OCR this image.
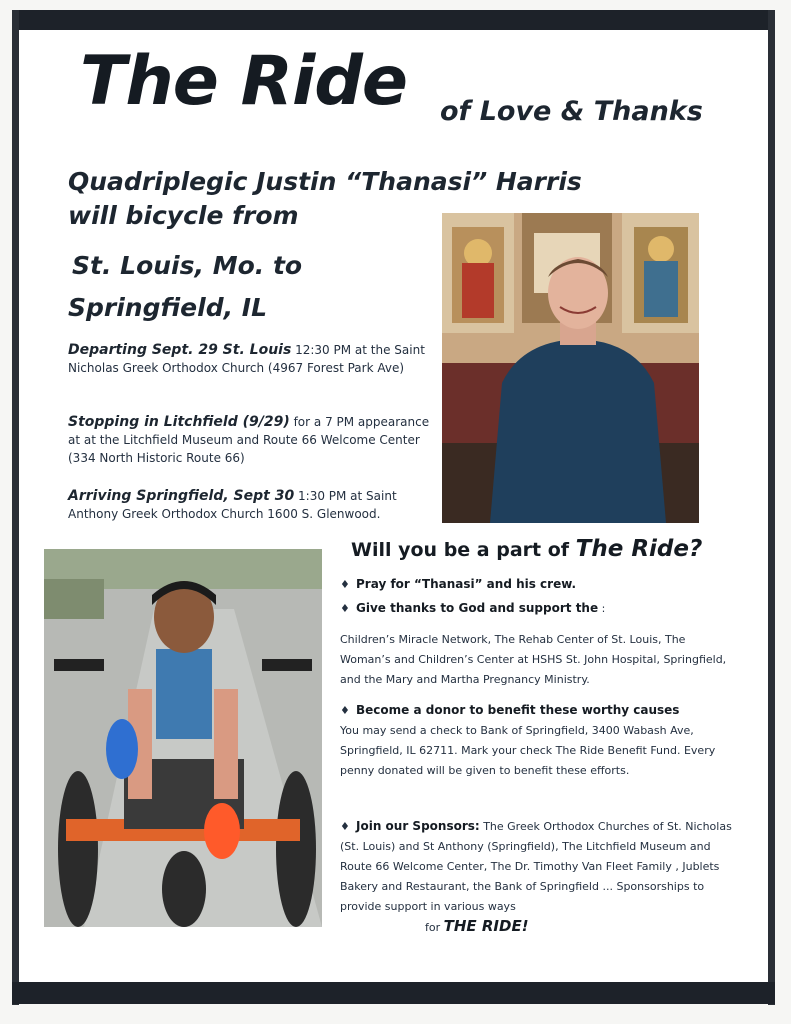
The Ride of Love & Thanks
Quadriplegic Justin “Thanasi” Harris
will bicycle from
St. Louis, Mo. to
Springfield, IL

Departing Sept. 29 St. Louis 12:30 PM at the Saint Nicholas Greek Orthodox Church (4967 Forest Park Ave)

Stopping in Litchfield (9/29) for a 7 PM appearance at at the Litchfield Museum and Route 66 Welcome Center (334 North Historic Route 66)

Arriving Springfield, Sept 30 1:30 PM at Saint Anthony Greek Orthodox Church 1600 S. Glenwood.

Will you be a part of The Ride?

♦ Pray for “Thanasi” and his crew.

♦ Give thanks to God and support the :

Children’s Miracle Network, The Rehab Center of St. Louis, The Woman’s and Children’s Center at HSHS St. John Hospital, Springfield, and the Mary and Martha Pregnancy Ministry.

♦ Become a donor to benefit these worthy causes

You may send a check to Bank of Springfield, 3400 Wabash Ave, Springfield, IL 62711. Mark your check The Ride Benefit Fund. Every penny donated will be given to benefit these efforts.

♦ Join our Sponsors: The Greek Orthodox Churches of St. Nicholas (St. Louis) and St Anthony (Springfield), The Litchfield Museum and Route 66 Welcome Center, The Dr. Timothy Van Fleet Family , Jublets Bakery and Restaurant, the Bank of Springfield ... Sponsorships to provide support in various ways

for THE RIDE!
